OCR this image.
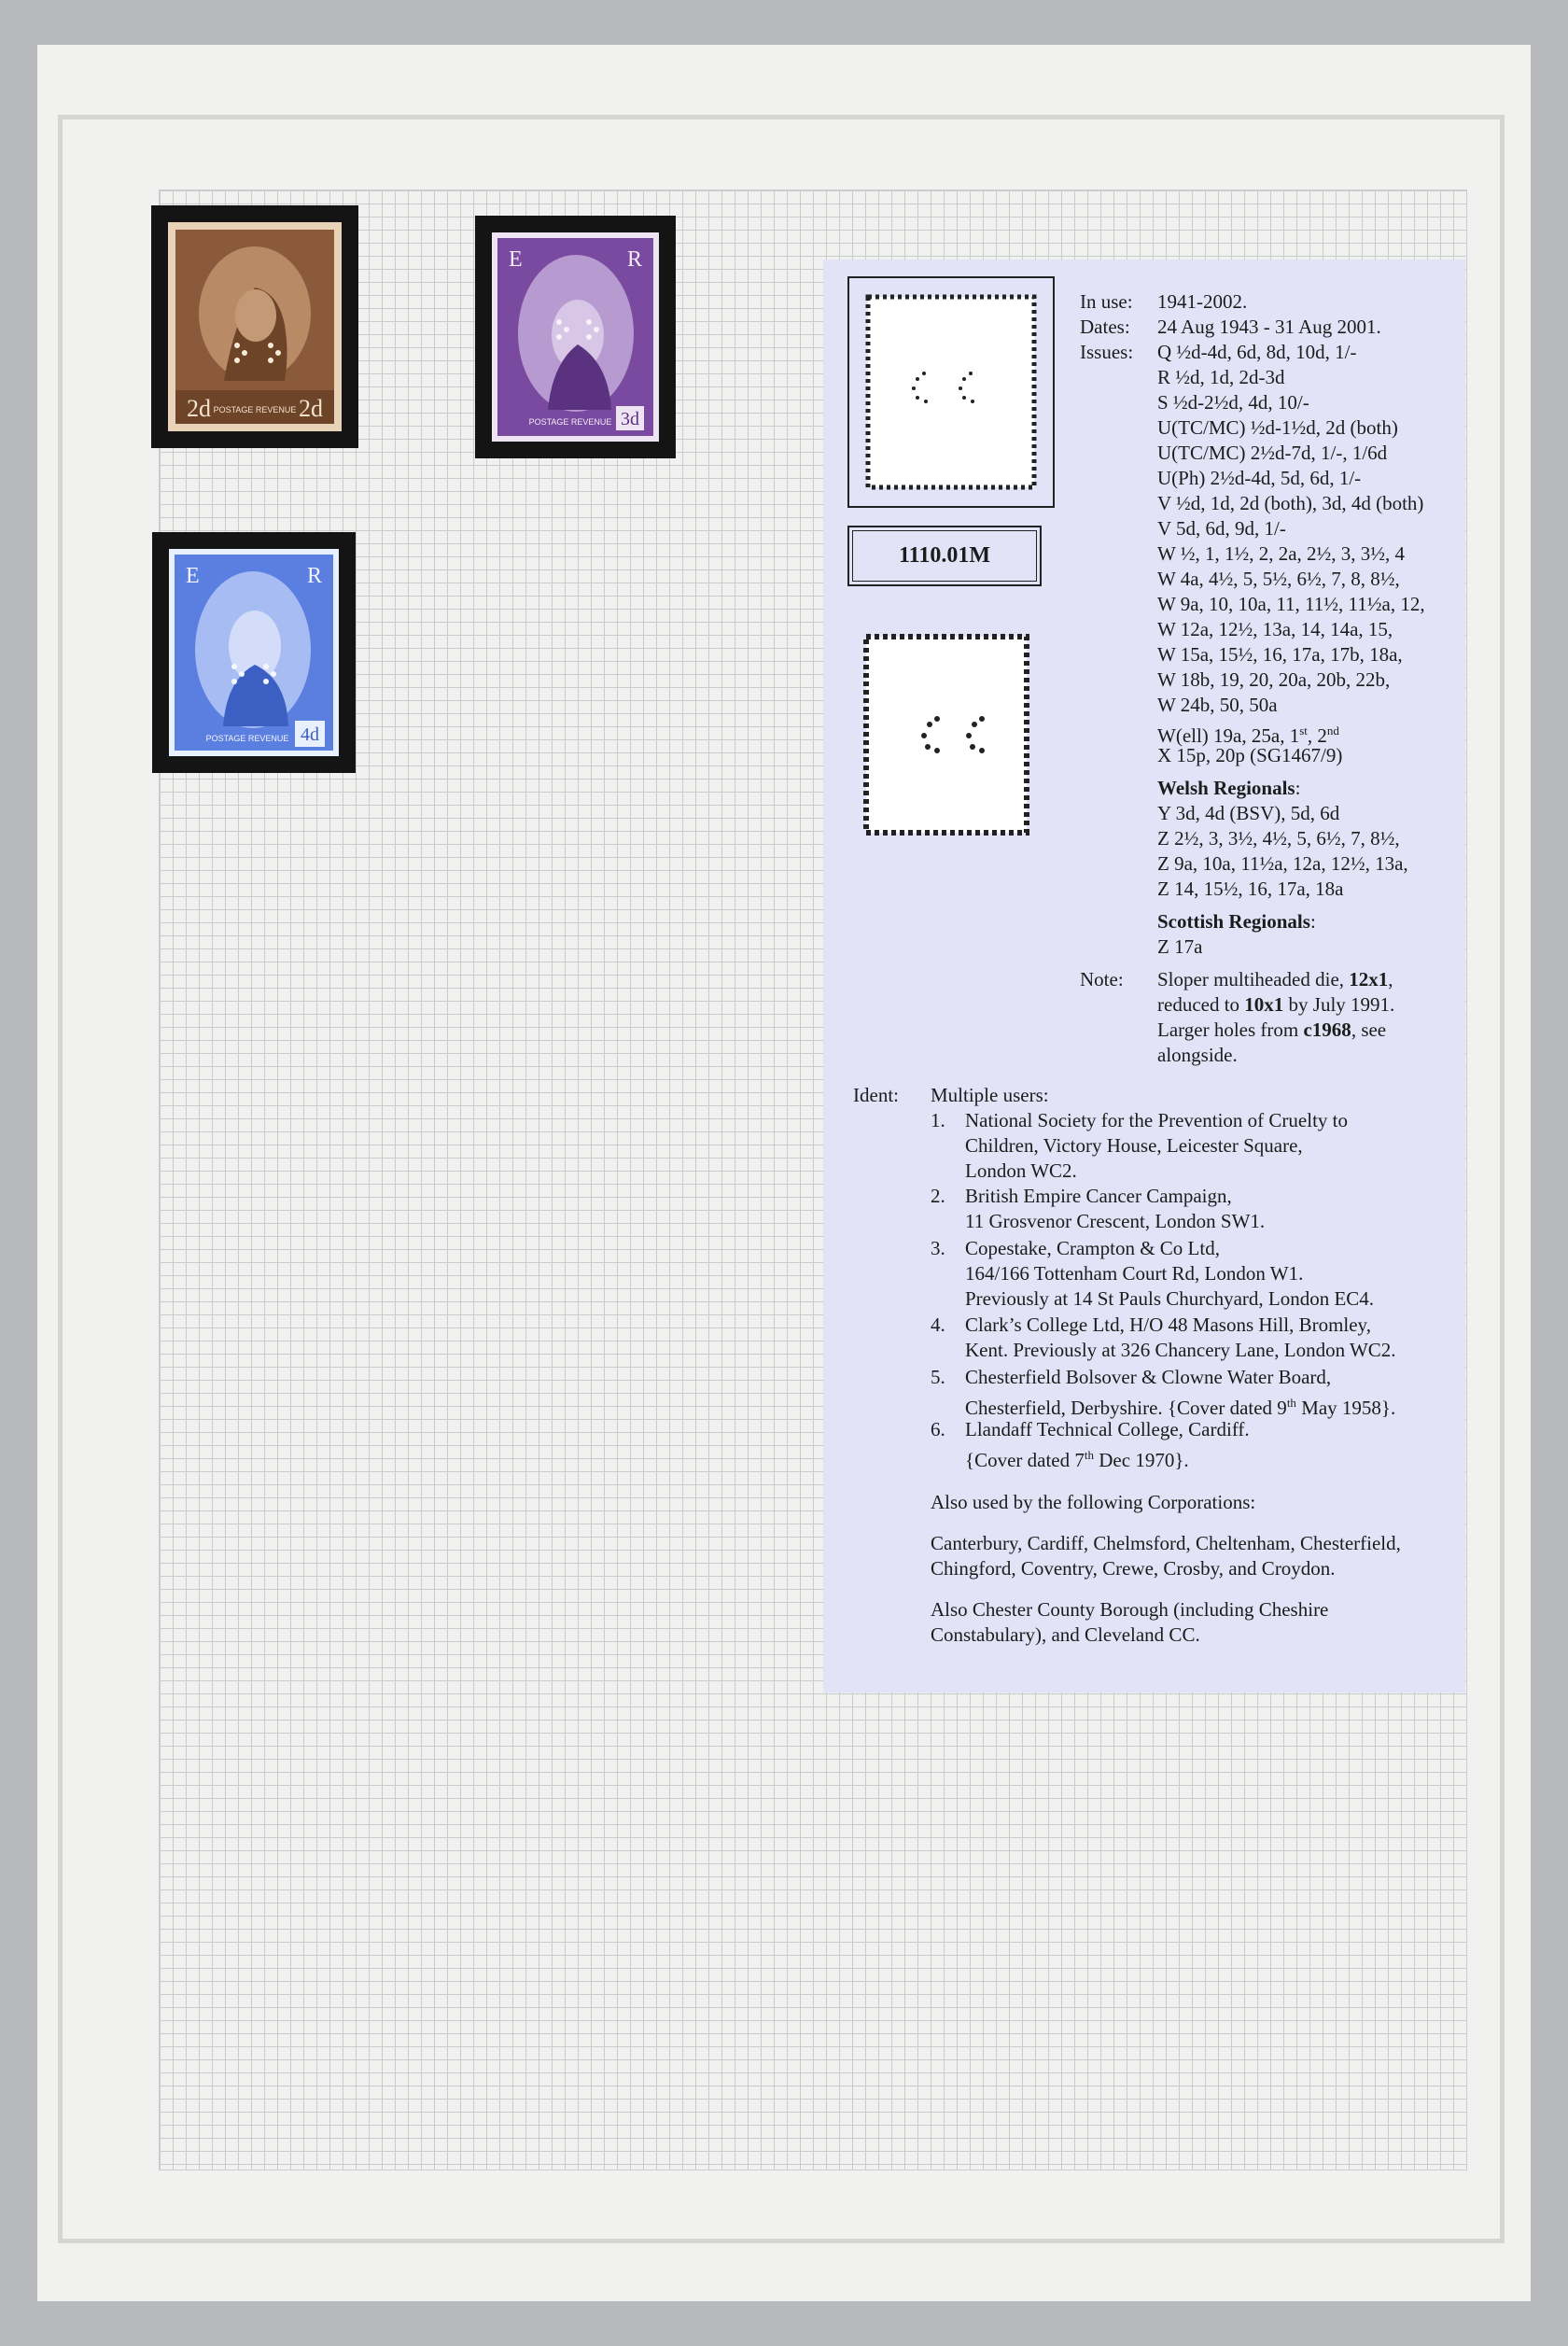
2d	2d
POSTAGE REVENUE
E	R
POSTAGE REVENUE 3d
E	R
POSTAGE REVENUE 4d
1110.01M
In use: 1941-2002.
Dates: 24 Aug 1943 - 31 Aug 2001.
Issues: Q ½d-4d, 6d, 8d, 10d, 1/-
R ½d, 1d, 2d-3d
S ½d-2½d, 4d, 10/-
U(TC/MC) ½d-1½d, 2d (both)
U(TC/MC) 2½d-7d, 1/-, 1/6d
U(Ph) 2½d-4d, 5d, 6d, 1/-
V ½d, 1d, 2d (both), 3d, 4d (both)
V 5d, 6d, 9d, 1/-
W ½, 1, 1½, 2, 2a, 2½, 3, 3½, 4
W 4a, 4½, 5, 5½, 6½, 7, 8, 8½,
W 9a, 10, 10a, 11, 11½, 11½a, 12,
W 12a, 12½, 13a, 14, 14a, 15,
W 15a, 15½, 16, 17a, 17b, 18a,
W 18b, 19, 20, 20a, 20b, 22b,
W 24b, 50, 50a
W(ell) 19a, 25a, 1st, 2nd
X 15p, 20p (SG1467/9)
Welsh Regionals:
Y 3d, 4d (BSV), 5d, 6d
Z 2½, 3, 3½, 4½, 5, 6½, 7, 8½,
Z 9a, 10a, 11½a, 12a, 12½, 13a,
Z 14, 15½, 16, 17a, 18a
Scottish Regionals:
Z 17a
Note: Sloper multiheaded die, 12x1,
reduced to 10x1 by July 1991.
Larger holes from c1968, see
alongside.
Ident: Multiple users:
1. National Society for the Prevention of Cruelty to
Children, Victory House, Leicester Square,
London WC2.
2. British Empire Cancer Campaign,
11 Grosvenor Crescent, London SW1.
3. Copestake, Crampton & Co Ltd,
164/166 Tottenham Court Rd, London W1.
Previously at 14 St Pauls Churchyard, London EC4.
4. Clark’s College Ltd, H/O 48 Masons Hill, Bromley,
Kent. Previously at 326 Chancery Lane, London WC2.
5. Chesterfield Bolsover & Clowne Water Board,
Chesterfield, Derbyshire. {Cover dated 9th May 1958}.
6. Llandaff Technical College, Cardiff.
{Cover dated 7th Dec 1970}.
Also used by the following Corporations:
Canterbury, Cardiff, Chelmsford, Cheltenham, Chesterfield,
Chingford, Coventry, Crewe, Crosby, and Croydon.
Also Chester County Borough (including Cheshire
Constabulary), and Cleveland CC.
